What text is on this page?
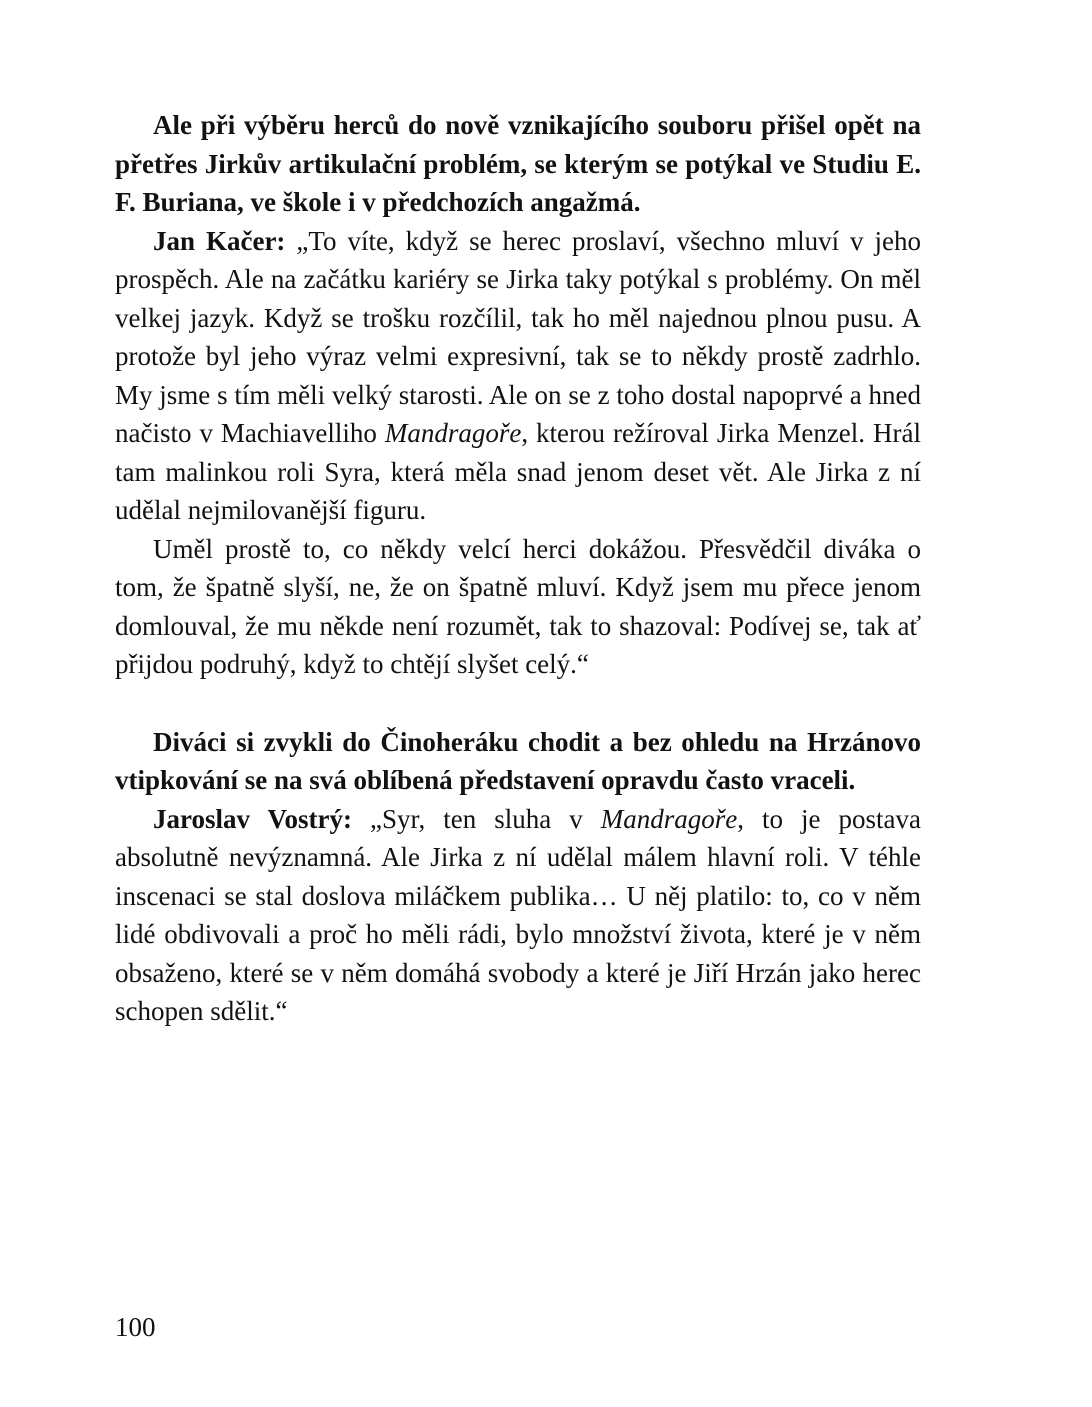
Ale při výběru herců do nově vznikajícího souboru přišel opět na přetřes Jirkův artikulační problém, se kterým se potýkal ve Studiu E. F. Buriana, ve škole i v předchozích angažmá.

Jan Kačer: „To víte, když se herec proslaví, všechno mluví v jeho prospěch. Ale na začátku kariéry se Jirka taky potýkal s problémy. On měl velkej jazyk. Když se trošku rozčílil, tak ho měl najednou plnou pusu. A protože byl jeho výraz velmi expresivní, tak se to někdy prostě zadrhlo. My jsme s tím měli velký starosti. Ale on se z toho dostal napoprvé a hned načisto v Machiavelliho Mandragoře, kterou režíroval Jirka Menzel. Hrál tam malinkou roli Syra, která měla snad jenom deset vět. Ale Jirka z ní udělal nejmilovanější figuru.

Uměl prostě to, co někdy velcí herci dokážou. Přesvědčil diváka o tom, že špatně slyší, ne, že on špatně mluví. Když jsem mu přece jenom domlouval, že mu někde není rozumět, tak to shazoval: Podívej se, tak ať přijdou podruhý, když to chtějí slyšet celý.“

Diváci si zvykli do Činoheráku chodit a bez ohledu na Hrzánovo vtipkování se na svá oblíbená představení opravdu často vraceli.

Jaroslav Vostrý: „Syr, ten sluha v Mandragoře, to je postava absolutně nevýznamná. Ale Jirka z ní udělal málem hlavní roli. V téhle inscenaci se stal doslova miláčkem publika… U něj platilo: to, co v něm lidé obdivovali a proč ho měli rádi, bylo množství života, které je v něm obsaženo, které se v něm domáhá svobody a které je Jiří Hrzán jako herec schopen sdělit.“

100
